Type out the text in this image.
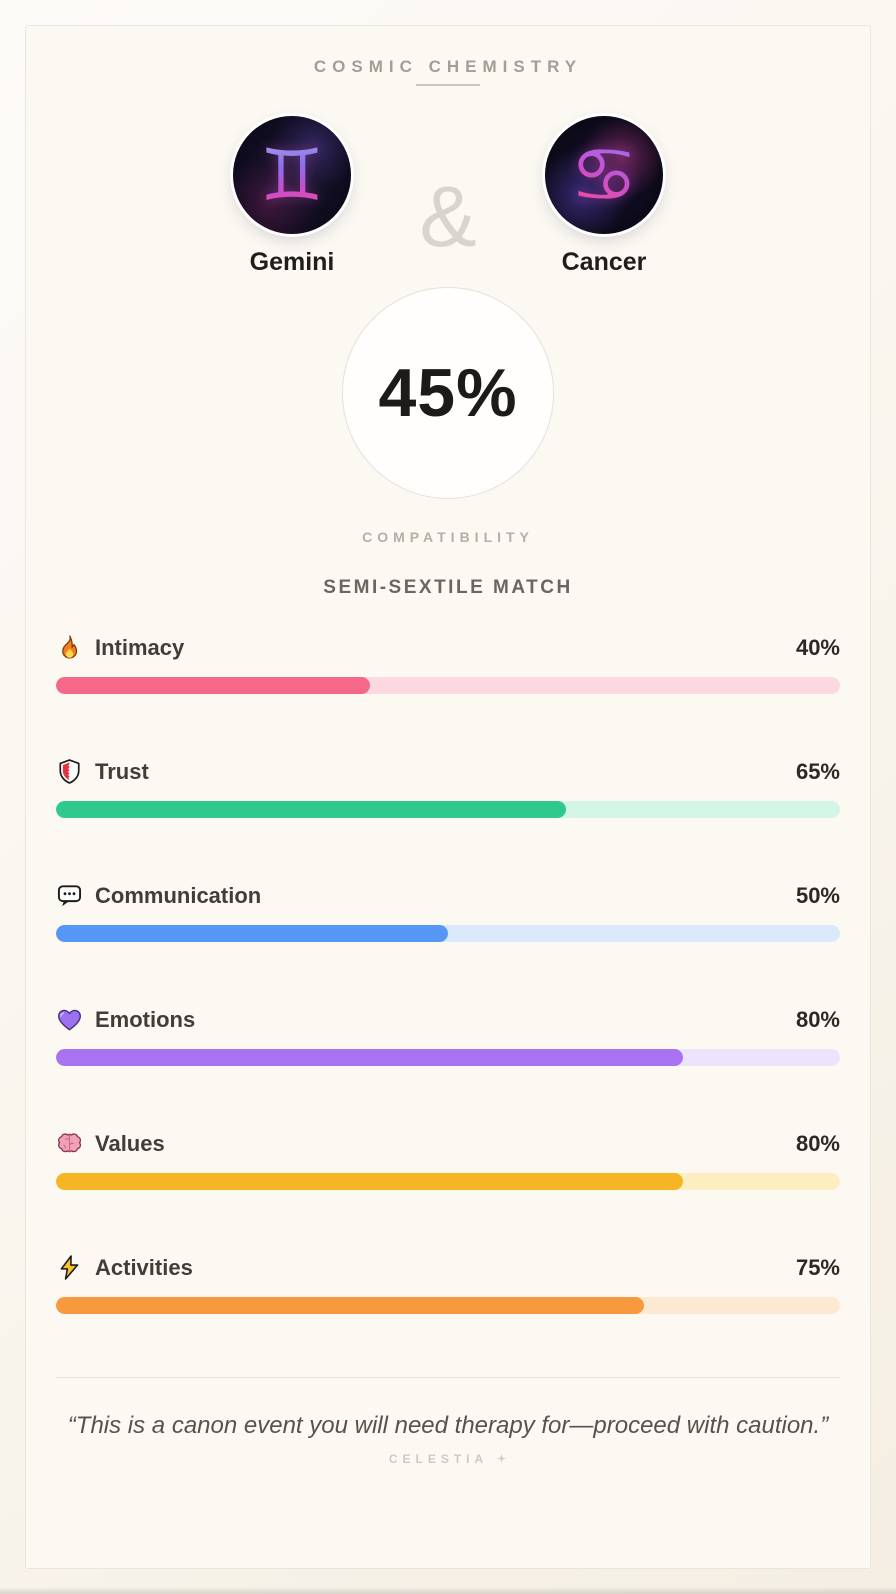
COSMIC CHEMISTRY
♊
Gemini & ♋
Cancer
45%
COMPATIBILITY
SEMI-SEXTILE MATCH
Intimacy	40%
Trust	65%
Communication	50%
Emotions	80%
Values	80%
Activities	75%
“This is a canon event you will need therapy for—proceed with caution.”
CELESTIA
